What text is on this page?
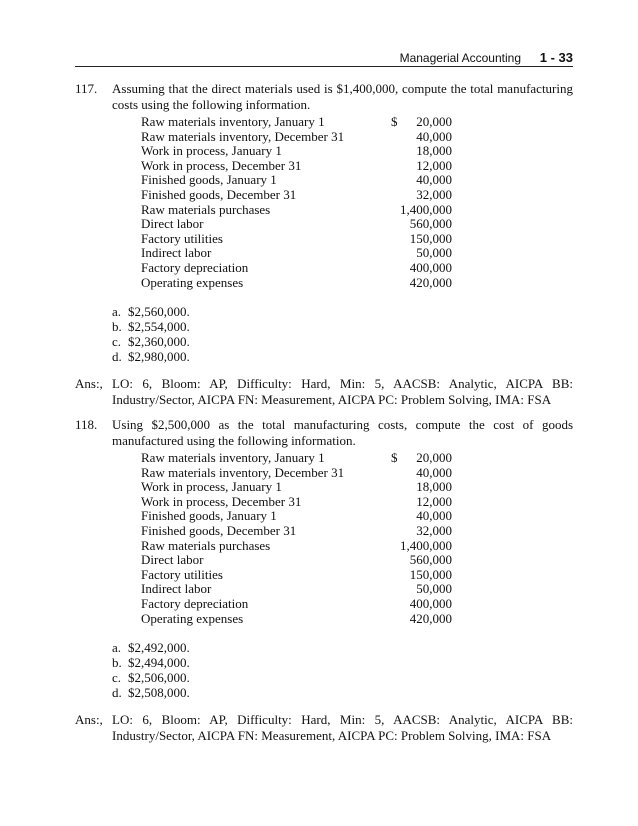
Managerial Accounting 1 - 33
117.	Assuming that the direct materials used is $1,400,000, compute the total manufacturing costs using the following information.
Raw materials inventory, January 1	$ 20,000
Raw materials inventory, December 31	40,000
Work in process, January 1	18,000
Work in process, December 31	12,000
Finished goods, January 1	40,000
Finished goods, December 31	32,000
Raw materials purchases	1,400,000
Direct labor	560,000
Factory utilities	150,000
Indirect labor	50,000
Factory depreciation	400,000
Operating expenses	420,000
a. $2,560,000.
b. $2,554,000.
c. $2,360,000.
d. $2,980,000.
Ans:, LO: 6, Bloom: AP, Difficulty: Hard, Min: 5, AACSB: Analytic, AICPA BB:
Industry/Sector, AICPA FN: Measurement, AICPA PC: Problem Solving, IMA: FSA
118.	Using $2,500,000 as the total manufacturing costs, compute the cost of goods manufactured using the following information.
Raw materials inventory, January 1	$ 20,000
Raw materials inventory, December 31	40,000
Work in process, January 1	18,000
Work in process, December 31	12,000
Finished goods, January 1	40,000
Finished goods, December 31	32,000
Raw materials purchases	1,400,000
Direct labor	560,000
Factory utilities	150,000
Indirect labor	50,000
Factory depreciation	400,000
Operating expenses	420,000
a. $2,492,000.
b. $2,494,000.
c. $2,506,000.
d. $2,508,000.
Ans:, LO: 6, Bloom: AP, Difficulty: Hard, Min: 5, AACSB: Analytic, AICPA BB:
Industry/Sector, AICPA FN: Measurement, AICPA PC: Problem Solving, IMA: FSA
